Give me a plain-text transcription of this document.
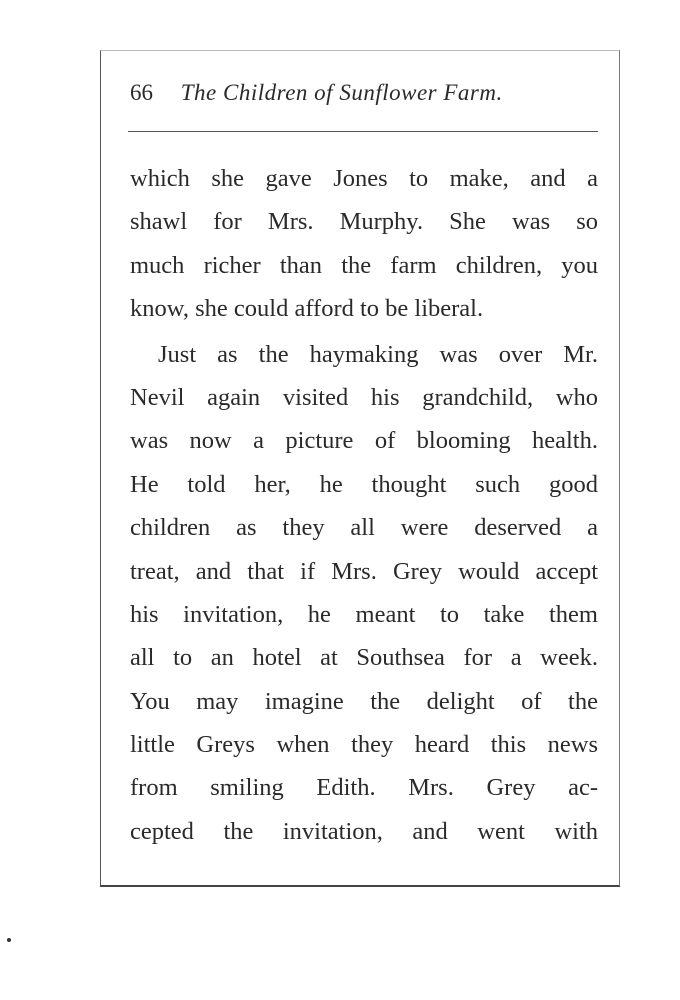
66 The Children of Sunflower Farm.
which she gave Jones to make, and a
shawl for Mrs. Murphy. She was so
much richer than the farm children, you
know, she could afford to be liberal.
Just as the haymaking was over Mr.
Nevil again visited his grandchild, who
was now a picture of blooming health.
He told her, he thought such good
children as they all were deserved a
treat, and that if Mrs. Grey would accept
his invitation, he meant to take them
all to an hotel at Southsea for a week.
You may imagine the delight of the
little Greys when they heard this news
from smiling Edith. Mrs. Grey ac-
cepted the invitation, and went with
